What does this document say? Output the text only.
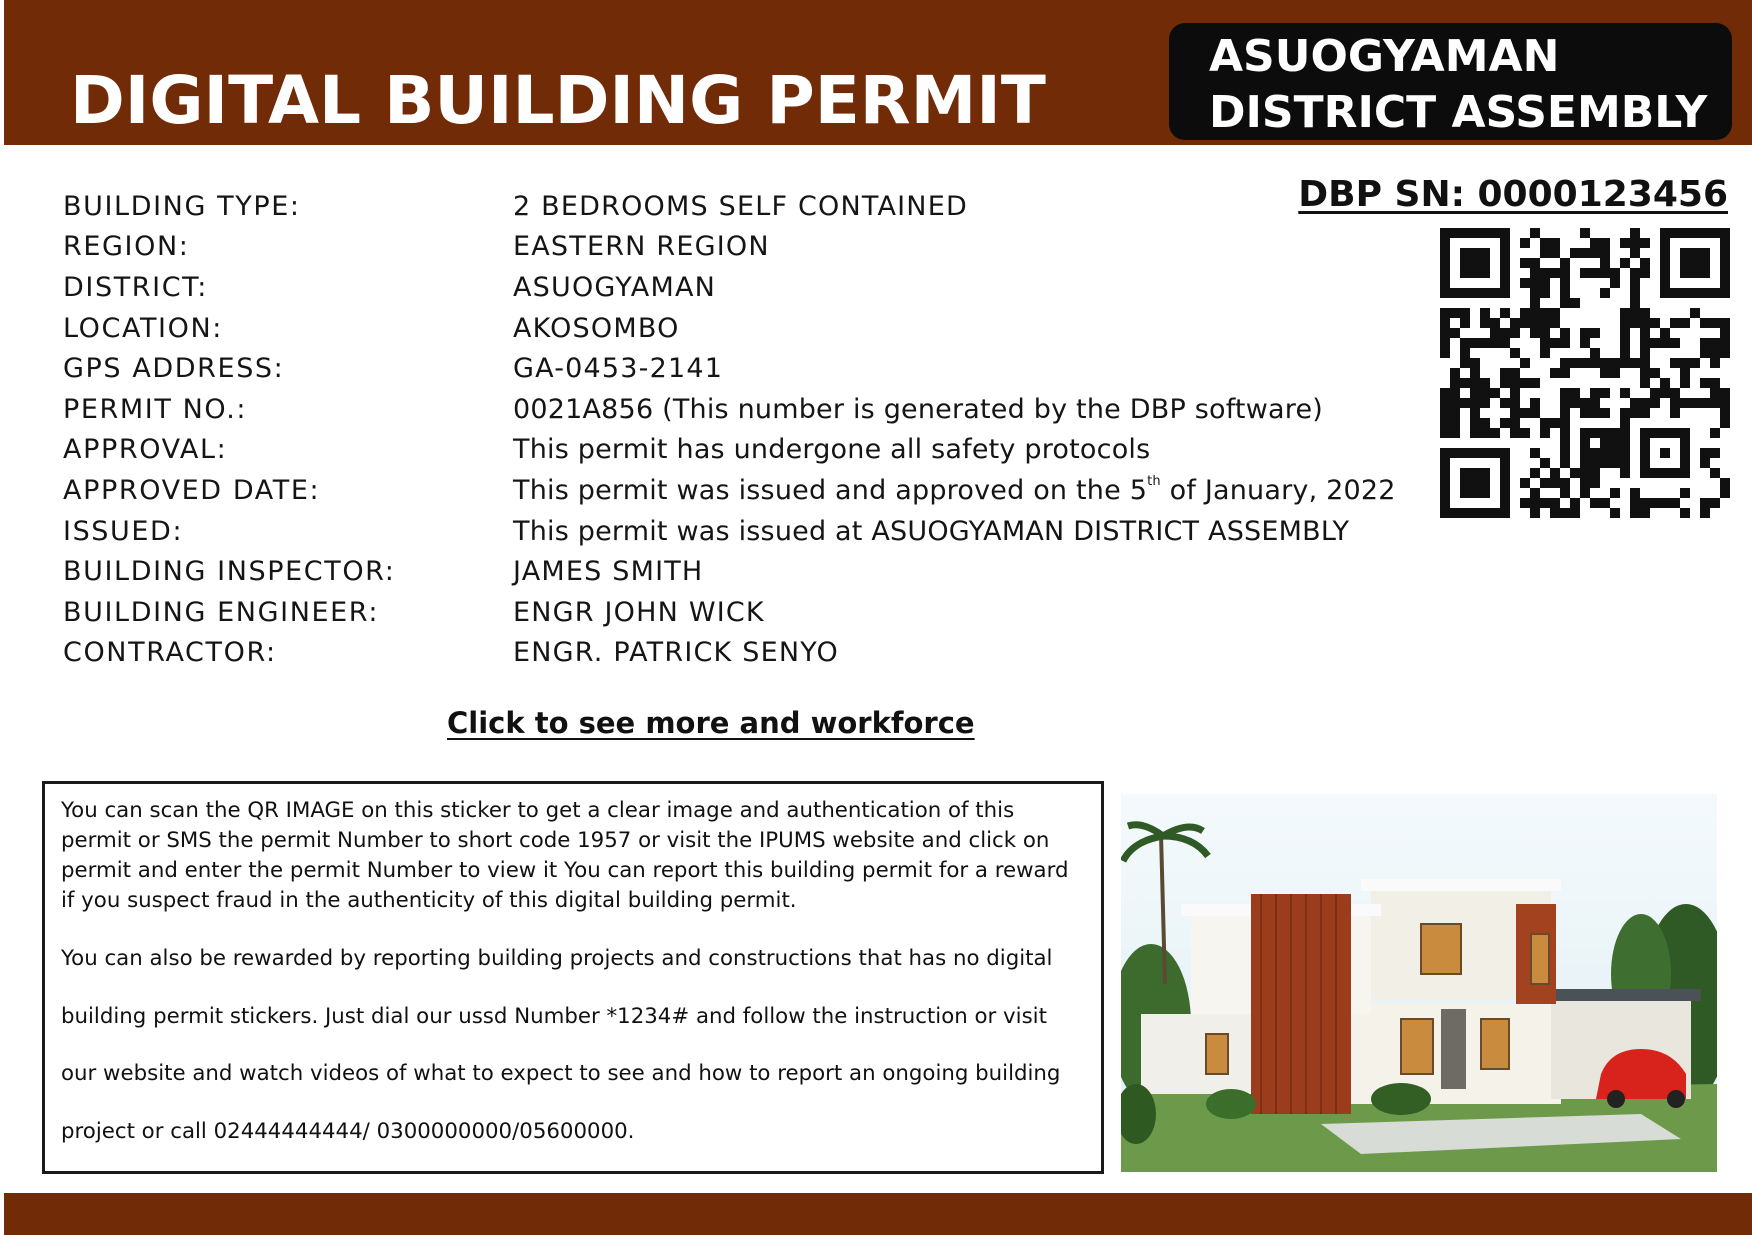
DIGITAL BUILDING PERMIT
ASUOGYAMAN
DISTRICT ASSEMBLY
BUILDING TYPE:	2 BEDROOMS SELF CONTAINED
REGION:	EASTERN REGION
DISTRICT:	ASUOGYAMAN
LOCATION:	AKOSOMBO
GPS ADDRESS:	GA-0453-2141
PERMIT NO.:	0021A856 (This number is generated by the DBP software)
APPROVAL:	This permit has undergone all safety protocols
APPROVED DATE:	This permit was issued and approved on the 5th of January, 2022
ISSUED:	This permit was issued at ASUOGYAMAN DISTRICT ASSEMBLY
BUILDING INSPECTOR:	JAMES SMITH
BUILDING ENGINEER:	ENGR JOHN WICK
CONTRACTOR:	ENGR. PATRICK SENYO

DBP SN: 0000123456

Click to see more and workforce

You can scan the QR IMAGE on this sticker to get a clear image and authentication of this permit or SMS the permit Number to short code 1957 or visit the IPUMS website and click on permit and enter the permit Number to view it You can report this building permit for a reward if you suspect fraud in the authenticity of this digital building permit.

You can also be rewarded by reporting building projects and constructions that has no digital building permit stickers. Just dial our ussd Number *1234# and follow the instruction or visit our website and watch videos of what to expect to see and how to report an ongoing building project or call 02444444444/ 0300000000/05600000.
